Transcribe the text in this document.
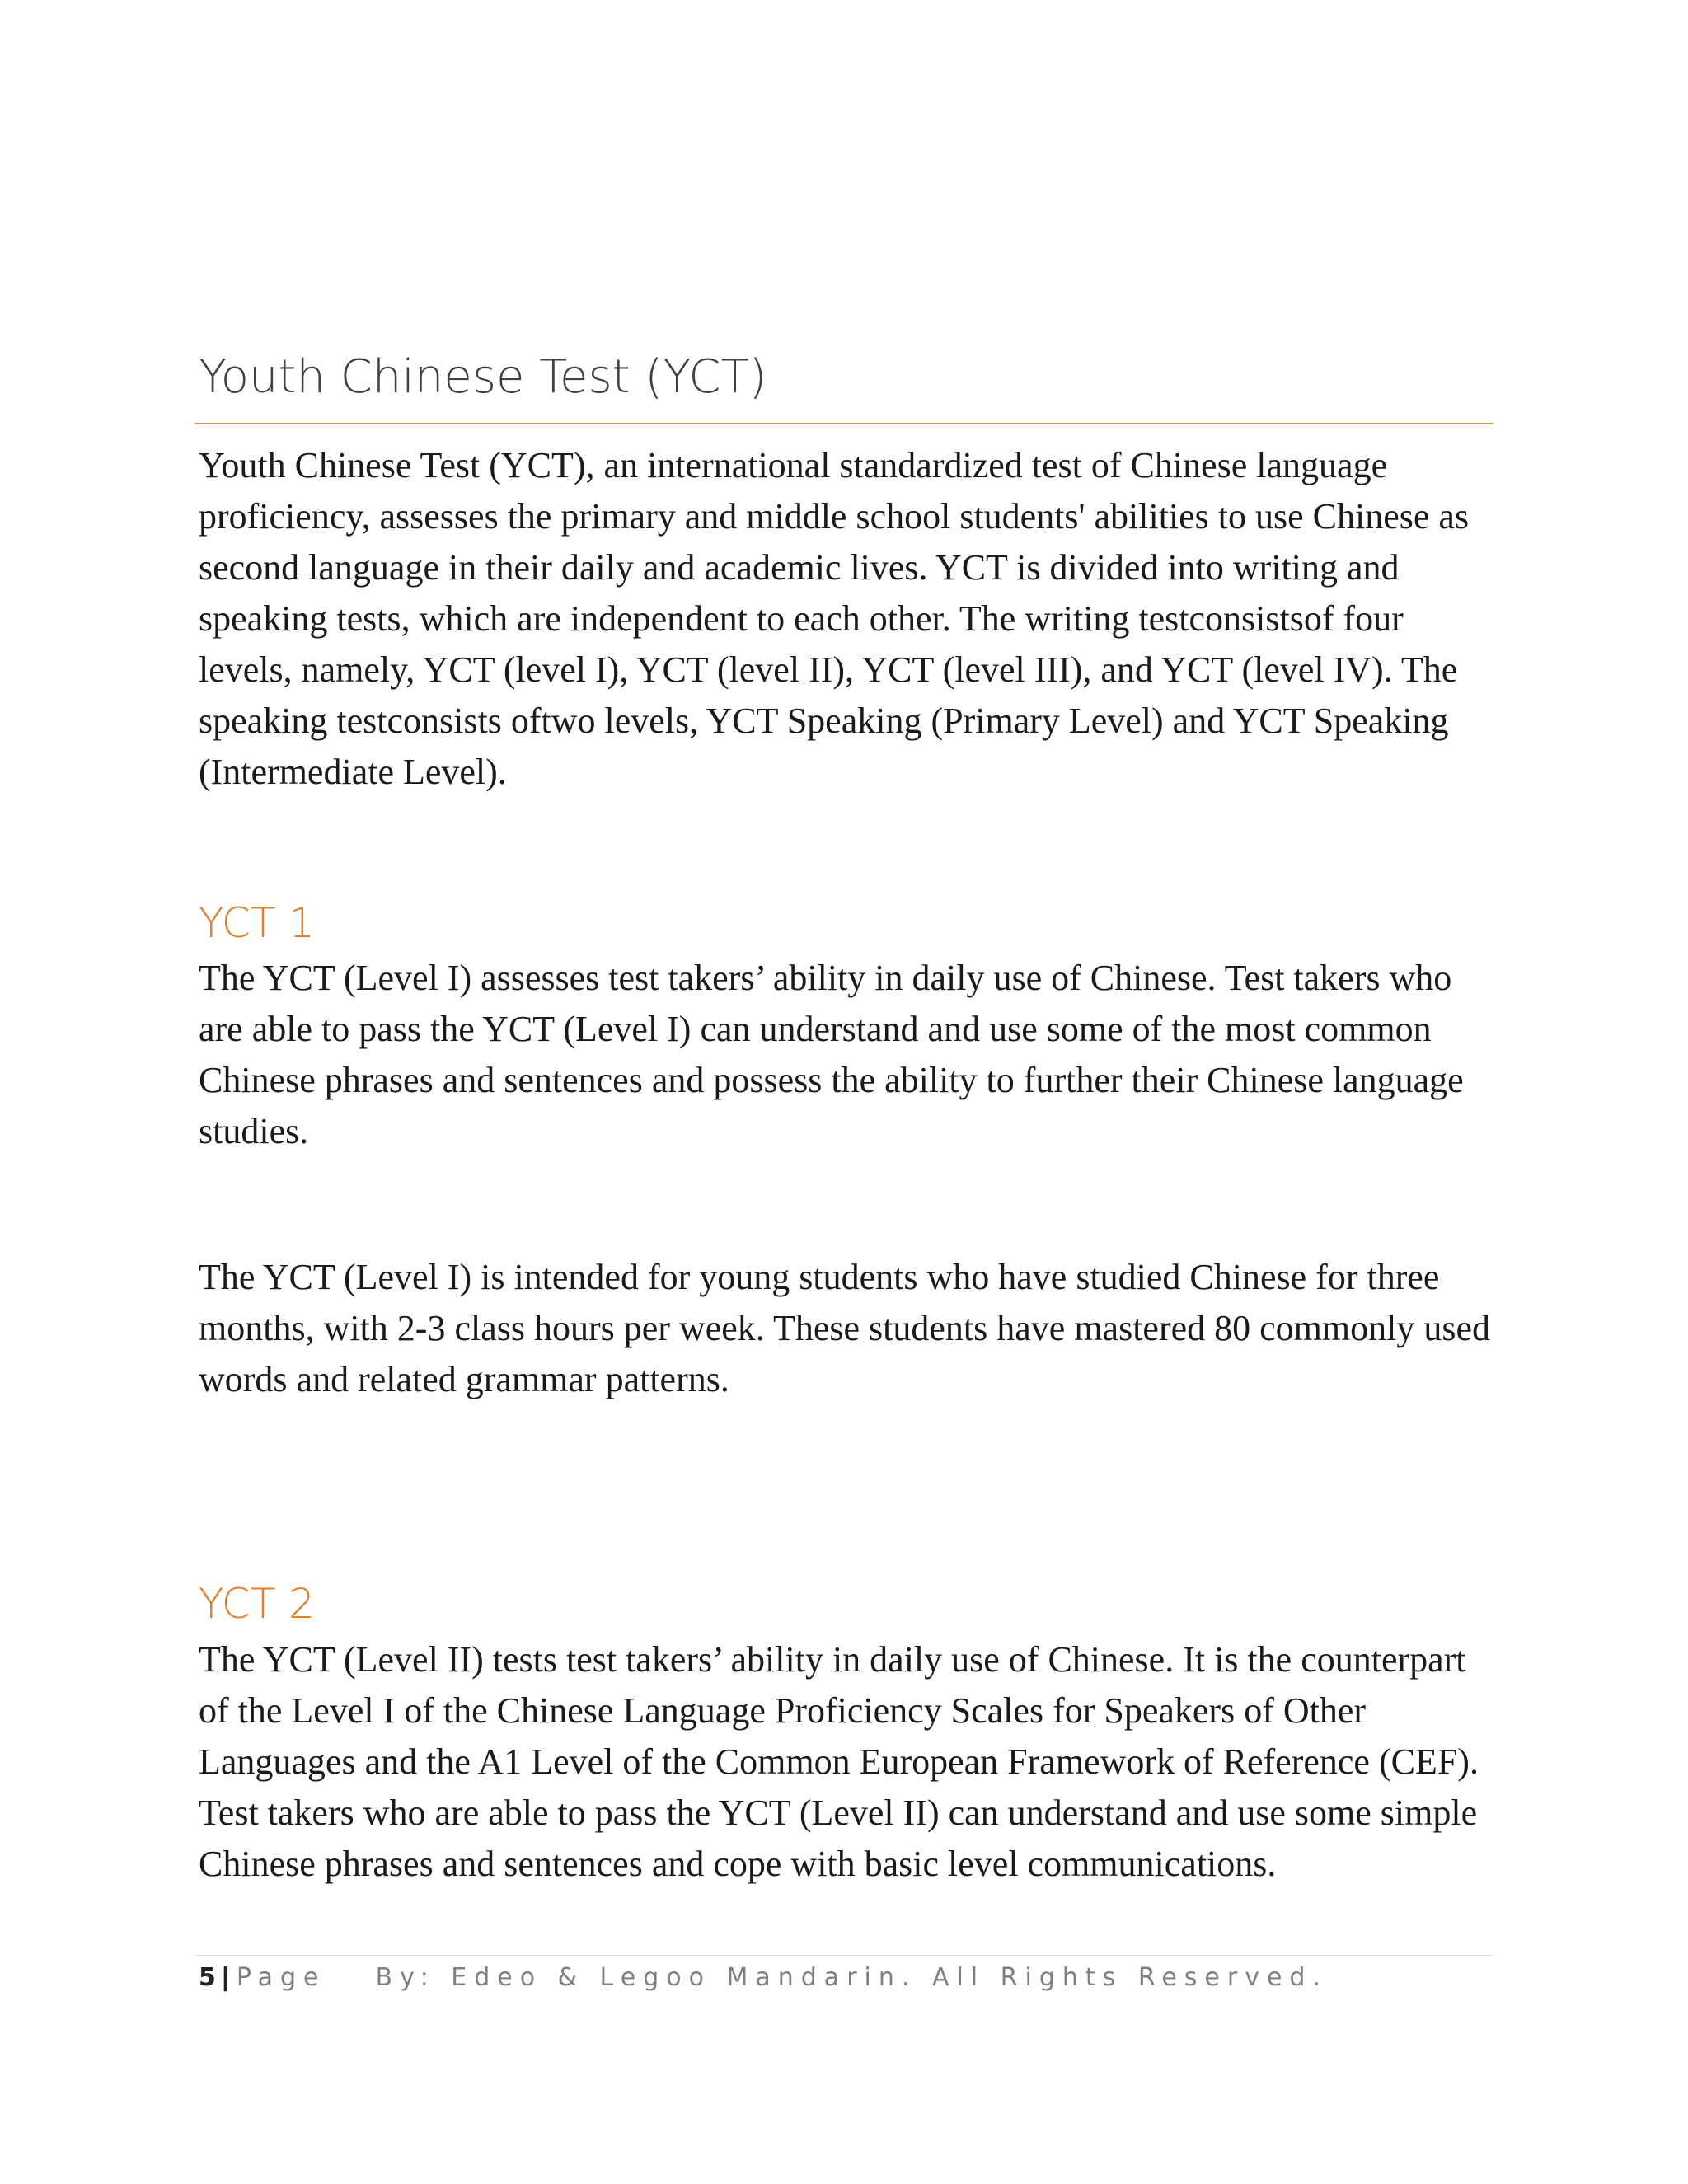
Youth Chinese Test (YCT)

Youth Chinese Test (YCT), an international standardized test of Chinese language proficiency, assesses the primary and middle school students' abilities to use Chinese as second language in their daily and academic lives. YCT is divided into writing and speaking tests, which are independent to each other. The writing testconsistsof four levels, namely, YCT (level I), YCT (level II), YCT (level III), and YCT (level IV). The speaking testconsists oftwo levels, YCT Speaking (Primary Level) and YCT Speaking (Intermediate Level).

YCT 1

The YCT (Level I) assesses test takers’ ability in daily use of Chinese. Test takers who are able to pass the YCT (Level I) can understand and use some of the most common Chinese phrases and sentences and possess the ability to further their Chinese language studies.

The YCT (Level I) is intended for young students who have studied Chinese for three months, with 2-3 class hours per week. These students have mastered 80 commonly used words and related grammar patterns.

YCT 2

The YCT (Level II) tests test takers’ ability in daily use of Chinese. It is the counterpart of the Level I of the Chinese Language Proficiency Scales for Speakers of Other Languages and the A1 Level of the Common European Framework of Reference (CEF). Test takers who are able to pass the YCT (Level II) can understand and use some simple Chinese phrases and sentences and cope with basic level communications.

5 | Page By: Edeo & Legoo Mandarin. All Rights Reserved.
